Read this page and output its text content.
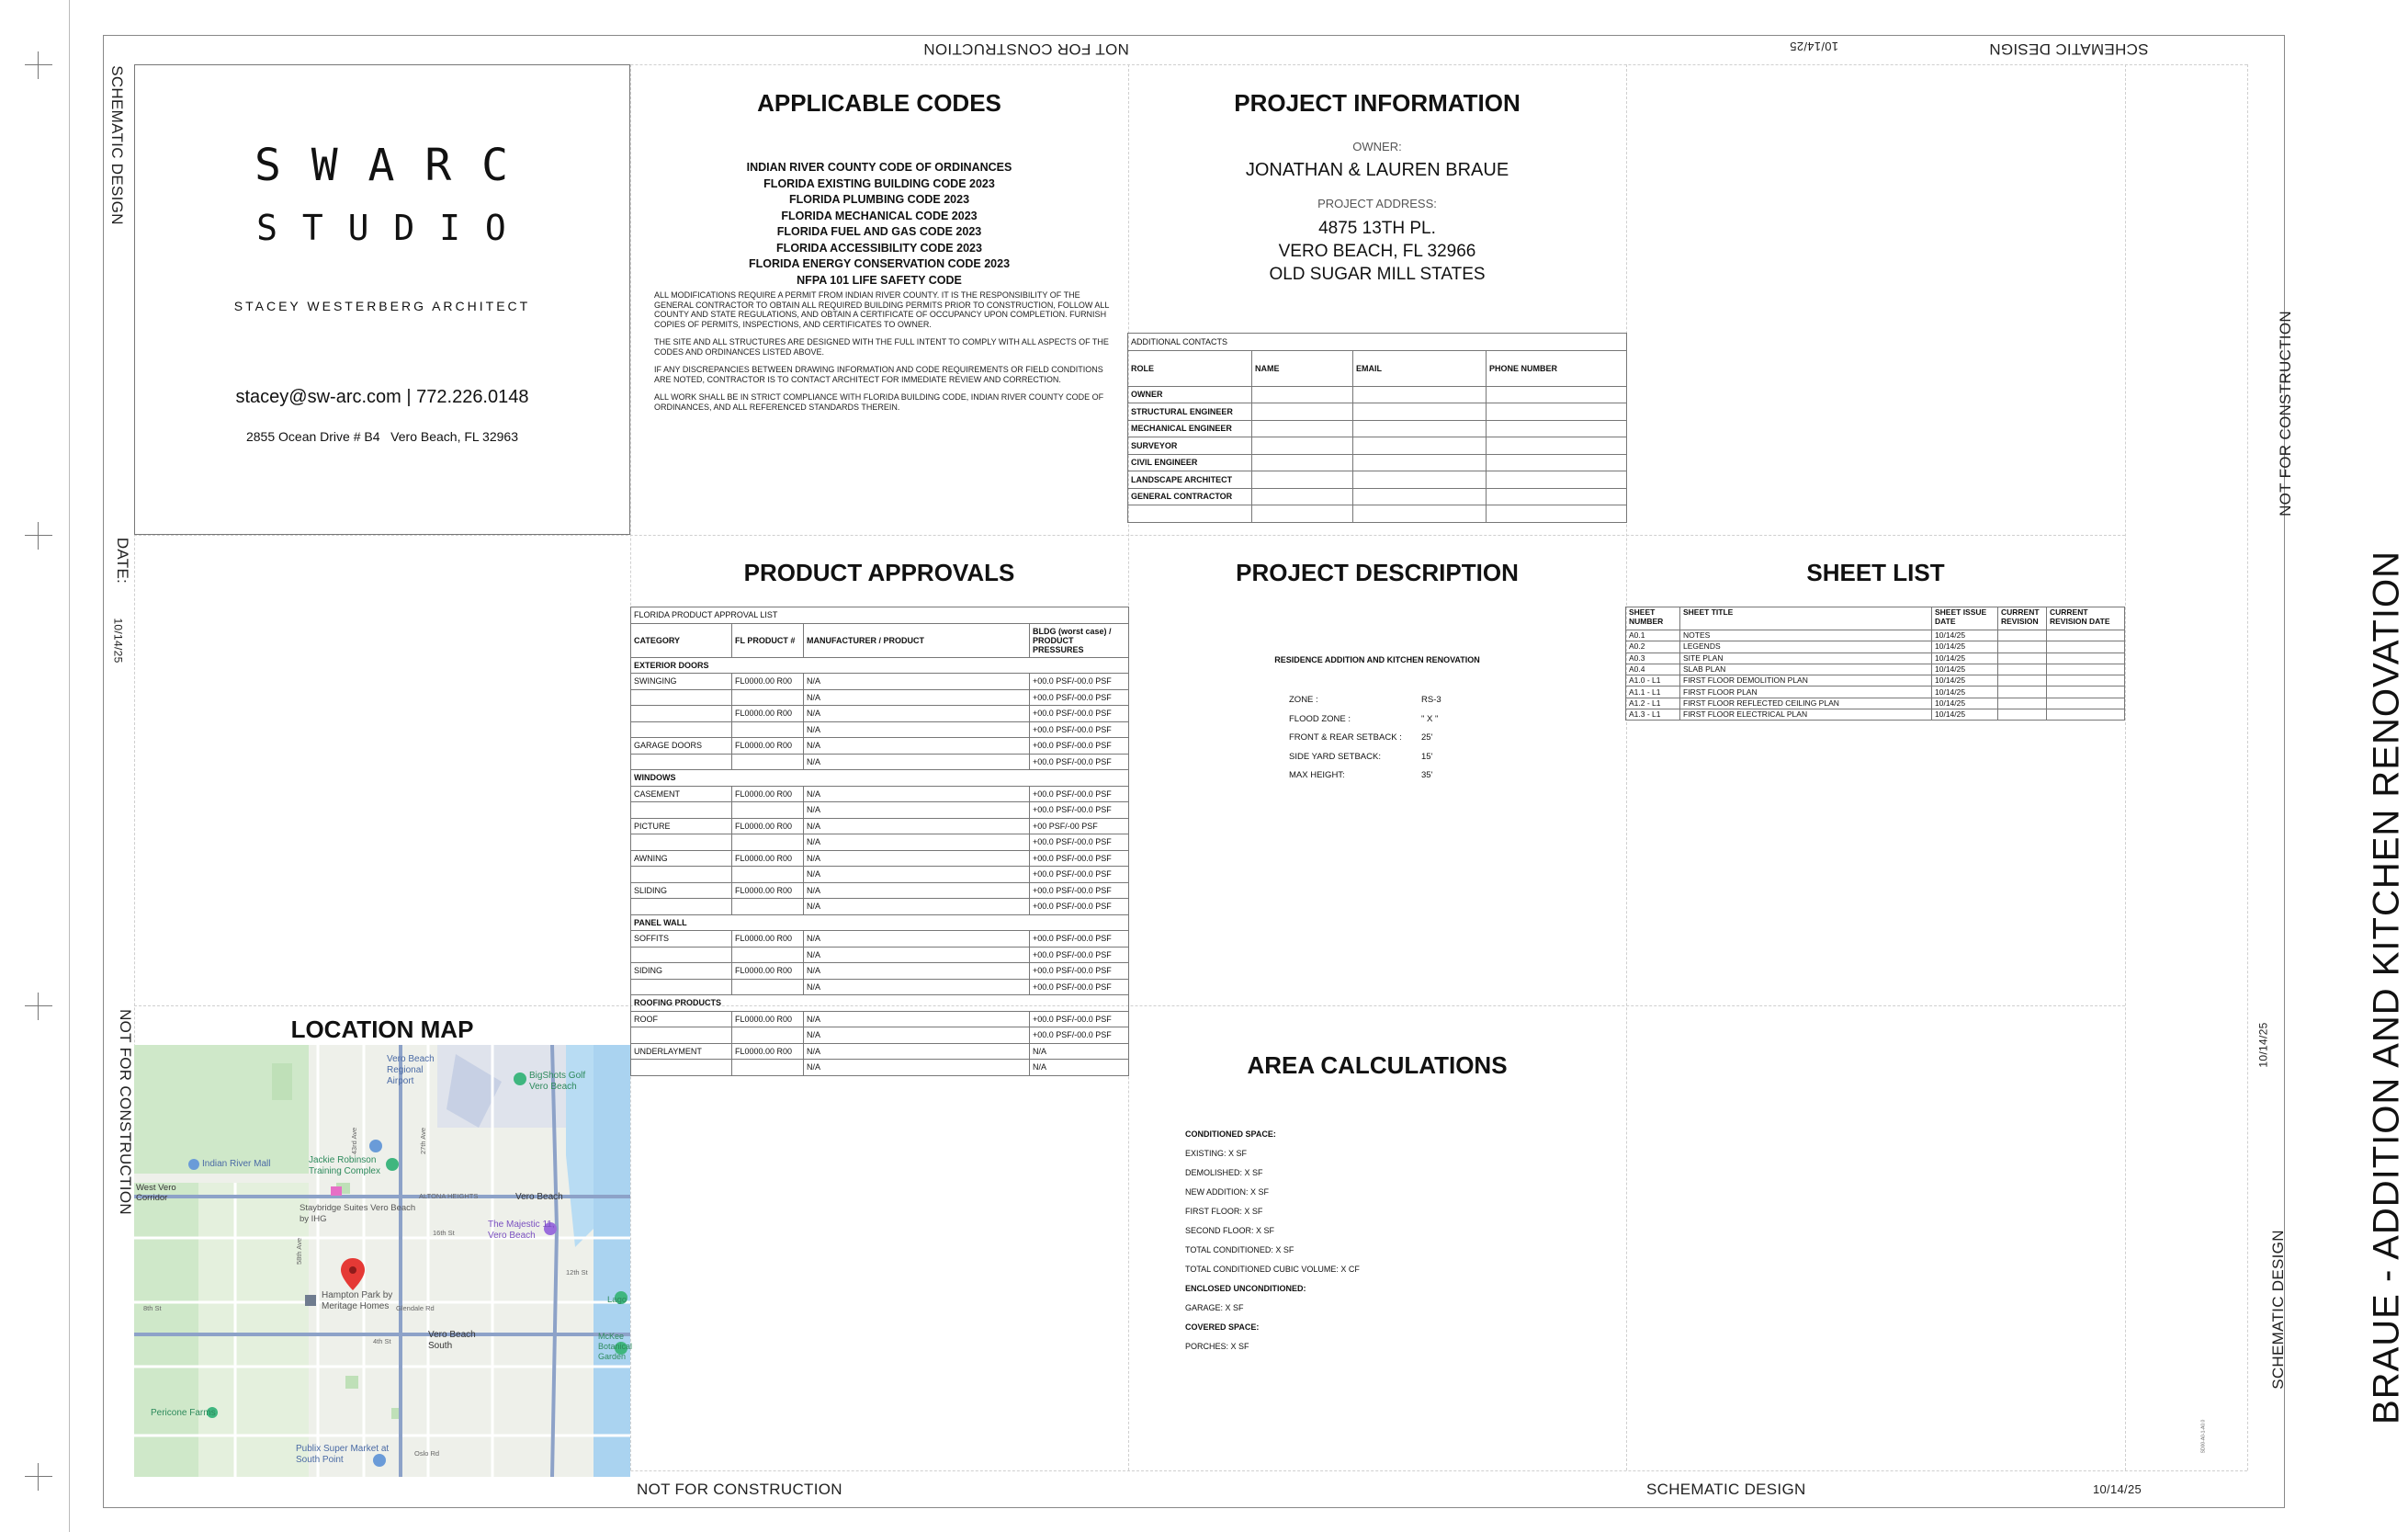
NOT FOR CONSTRUCTION	10/14/25	SCHEMATIC DESIGN
SCHEMATIC DESIGN
DATE:
10/14/25
NOT FOR CONSTRUCTION
NOT FOR CONSTRUCTION	SCHEMATIC DESIGN	10/14/25
NOT FOR CONSTRUCTION
10/14/25
SCHEMATIC DESIGN BRAUE - ADDITION AND KITCHEN RENOVATION
SD00-A0-1-A0.0
S W A R C
S T U D I O
STACEY WESTERBERG ARCHITECT
stacey@sw-arc.com | 772.226.0148
2855 Ocean Drive # B4   Vero Beach, FL 32963
APPLICABLE CODES
INDIAN RIVER COUNTY CODE OF ORDINANCES
FLORIDA EXISTING BUILDING CODE 2023
FLORIDA PLUMBING CODE 2023
FLORIDA MECHANICAL CODE 2023
FLORIDA FUEL AND GAS CODE 2023
FLORIDA ACCESSIBILITY CODE 2023
FLORIDA ENERGY CONSERVATION CODE 2023
NFPA 101 LIFE SAFETY CODE

ALL MODIFICATIONS REQUIRE A PERMIT FROM INDIAN RIVER COUNTY. IT IS THE RESPONSIBILITY OF THE GENERAL CONTRACTOR TO OBTAIN ALL REQUIRED BUILDING PERMITS PRIOR TO CONSTRUCTION, FOLLOW ALL COUNTY AND STATE REGULATIONS, AND OBTAIN A CERTIFICATE OF OCCUPANCY UPON COMPLETION. FURNISH COPIES OF PERMITS, INSPECTIONS, AND CERTIFICATES TO OWNER.

THE SITE AND ALL STRUCTURES ARE DESIGNED WITH THE FULL INTENT TO COMPLY WITH ALL ASPECTS OF THE CODES AND ORDINANCES LISTED ABOVE.

IF ANY DISCREPANCIES BETWEEN DRAWING INFORMATION AND CODE REQUIREMENTS OR FIELD CONDITIONS ARE NOTED, CONTRACTOR IS TO CONTACT ARCHITECT FOR IMMEDIATE REVIEW AND CORRECTION.

ALL WORK SHALL BE IN STRICT COMPLIANCE WITH FLORIDA BUILDING CODE, INDIAN RIVER COUNTY CODE OF ORDINANCES, AND ALL REFERENCED STANDARDS THEREIN.

PROJECT INFORMATION
OWNER:
JONATHAN & LAUREN BRAUE
PROJECT ADDRESS:
4875 13TH PL.
VERO BEACH, FL 32966
OLD SUGAR MILL STATES
ADDITIONAL CONTACTS			
ROLE	NAME	EMAIL	PHONE NUMBER
OWNER			
STRUCTURAL ENGINEER			
MECHANICAL ENGINEER			
SURVEYOR			
CIVIL ENGINEER			
LANDSCAPE ARCHITECT			
GENERAL CONTRACTOR			

PRODUCT APPROVALS
FLORIDA PRODUCT APPROVAL LIST			
CATEGORY	FL PRODUCT #	MANUFACTURER / PRODUCT	BLDG (worst case) / PRODUCT PRESSURES
EXTERIOR DOORS			
SWINGING	FL0000.00 R00	N/A	+00.0 PSF/-00.0 PSF
		N/A	+00.0 PSF/-00.0 PSF
	FL0000.00 R00	N/A	+00.0 PSF/-00.0 PSF
		N/A	+00.0 PSF/-00.0 PSF
GARAGE DOORS	FL0000.00 R00	N/A	+00.0 PSF/-00.0 PSF
		N/A	+00.0 PSF/-00.0 PSF
WINDOWS			
CASEMENT	FL0000.00 R00	N/A	+00.0 PSF/-00.0 PSF
		N/A	+00.0 PSF/-00.0 PSF
PICTURE	FL0000.00 R00	N/A	+00 PSF/-00 PSF
		N/A	+00.0 PSF/-00.0 PSF
AWNING	FL0000.00 R00	N/A	+00.0 PSF/-00.0 PSF
		N/A	+00.0 PSF/-00.0 PSF
SLIDING	FL0000.00 R00	N/A	+00.0 PSF/-00.0 PSF
		N/A	+00.0 PSF/-00.0 PSF
PANEL WALL			
SOFFITS	FL0000.00 R00	N/A	+00.0 PSF/-00.0 PSF
		N/A	+00.0 PSF/-00.0 PSF
SIDING	FL0000.00 R00	N/A	+00.0 PSF/-00.0 PSF
		N/A	+00.0 PSF/-00.0 PSF
ROOFING PRODUCTS			
ROOF	FL0000.00 R00	N/A	+00.0 PSF/-00.0 PSF
		N/A	+00.0 PSF/-00.0 PSF
UNDERLAYMENT	FL0000.00 R00	N/A	N/A
		N/A	N/A
PROJECT DESCRIPTION
RESIDENCE ADDITION AND KITCHEN RENOVATION
ZONE :	RS-3
FLOOD ZONE :	" X "
FRONT & REAR SETBACK : 25'
SIDE YARD SETBACK:	15'
MAX HEIGHT:	35'
SHEET LIST
SHEET NUMBER	SHEET TITLE	SHEET ISSUE DATE	CURRENT REVISION	CURRENT REVISION DATE
A0.1	NOTES	10/14/25		
A0.2	LEGENDS	10/14/25		
A0.3	SITE PLAN	10/14/25		
A0.4	SLAB PLAN	10/14/25		
A1.0 - L1	FIRST FLOOR DEMOLITION PLAN	10/14/25		
A1.1 - L1	FIRST FLOOR PLAN	10/14/25		
A1.2 - L1	FIRST FLOOR REFLECTED CEILING PLAN	10/14/25		
A1.3 - L1	FIRST FLOOR ELECTRICAL PLAN	10/14/25		
LOCATION MAP
Vero Beach Regional Airport
BigShots Golf Vero Beach
Indian River Mall	Jackie Robinson Training Complex
West Vero Corridor	Vero Beach
Staybridge Suites Vero Beach by IHG
The Majestic 11, Vero Beach
Hampton Park by Meritage Homes
Vero Beach South
Pericone Farms
Publix Super Market at South Point
Lago
McKee Botanical Garden
ALTONA HEIGHTS
Glendale Rd
16th St
12th St
8th St
4th St
Oslo Rd
43rd Ave
58th Ave
27th Ave
AREA CALCULATIONS
CONDITIONED SPACE:
EXISTING: X SF
DEMOLISHED: X SF
NEW ADDITION: X SF
FIRST FLOOR: X SF
SECOND FLOOR: X SF
TOTAL CONDITIONED: X SF
TOTAL CONDITIONED CUBIC VOLUME: X CF
ENCLOSED UNCONDITIONED:
GARAGE: X SF
COVERED SPACE:
PORCHES: X SF
